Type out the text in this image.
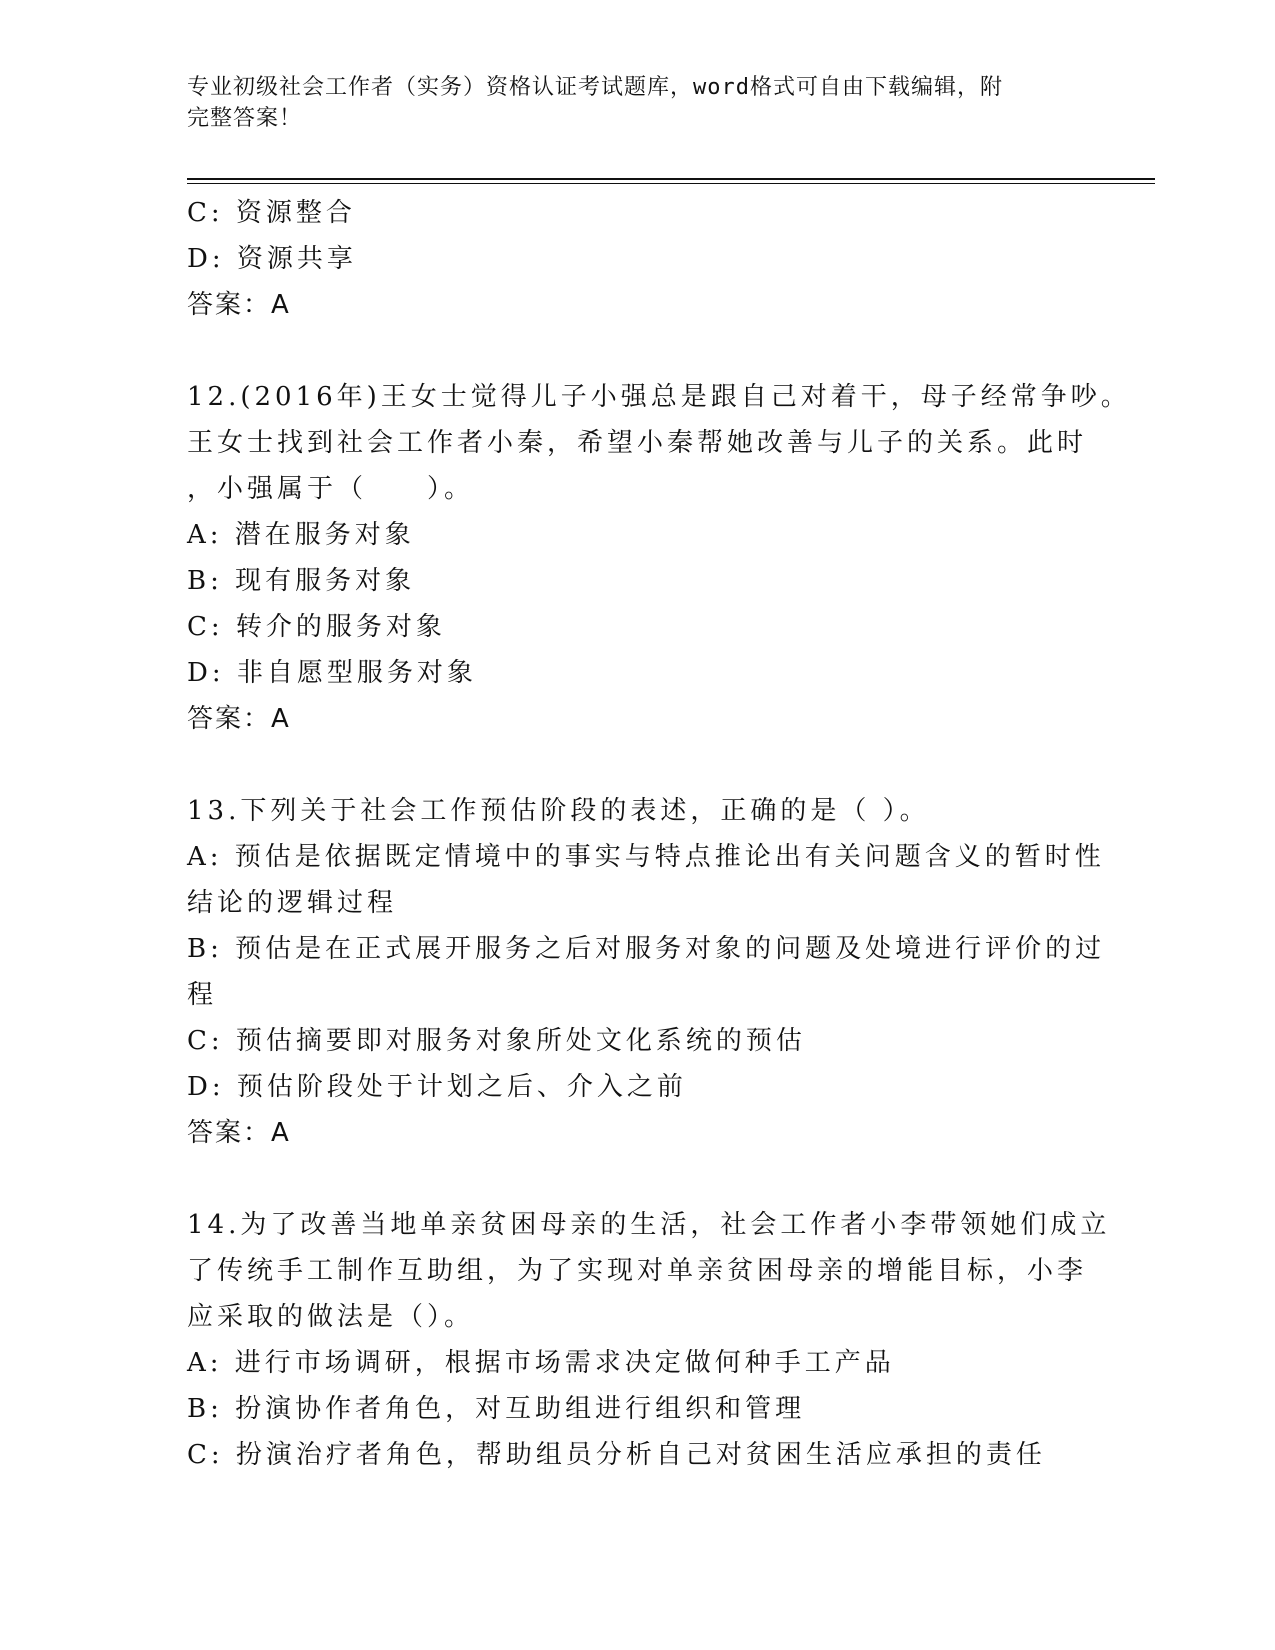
专业初级社会工作者（实务）资格认证考试题库，word格式可自由下载编辑，附
完整答案！

C: 资源整合

D: 资源共享

答案：A

12.(2016年)王女士觉得儿子小强总是跟自己对着干，母子经常争吵。

王女士找到社会工作者小秦，希望小秦帮她改善与儿子的关系。此时

，小强属于（　　）。

A: 潜在服务对象

B: 现有服务对象

C: 转介的服务对象

D: 非自愿型服务对象

答案：A

13.下列关于社会工作预估阶段的表述，正确的是（ ）。

A: 预估是依据既定情境中的事实与特点推论出有关问题含义的暂时性

结论的逻辑过程

B: 预估是在正式展开服务之后对服务对象的问题及处境进行评价的过

程

C: 预估摘要即对服务对象所处文化系统的预估

D: 预估阶段处于计划之后、介入之前

答案：A

14.为了改善当地单亲贫困母亲的生活，社会工作者小李带领她们成立

了传统手工制作互助组，为了实现对单亲贫困母亲的增能目标，小李

应采取的做法是（）。

A: 进行市场调研，根据市场需求决定做何种手工产品

B: 扮演协作者角色，对互助组进行组织和管理

C: 扮演治疗者角色，帮助组员分析自己对贫困生活应承担的责任
